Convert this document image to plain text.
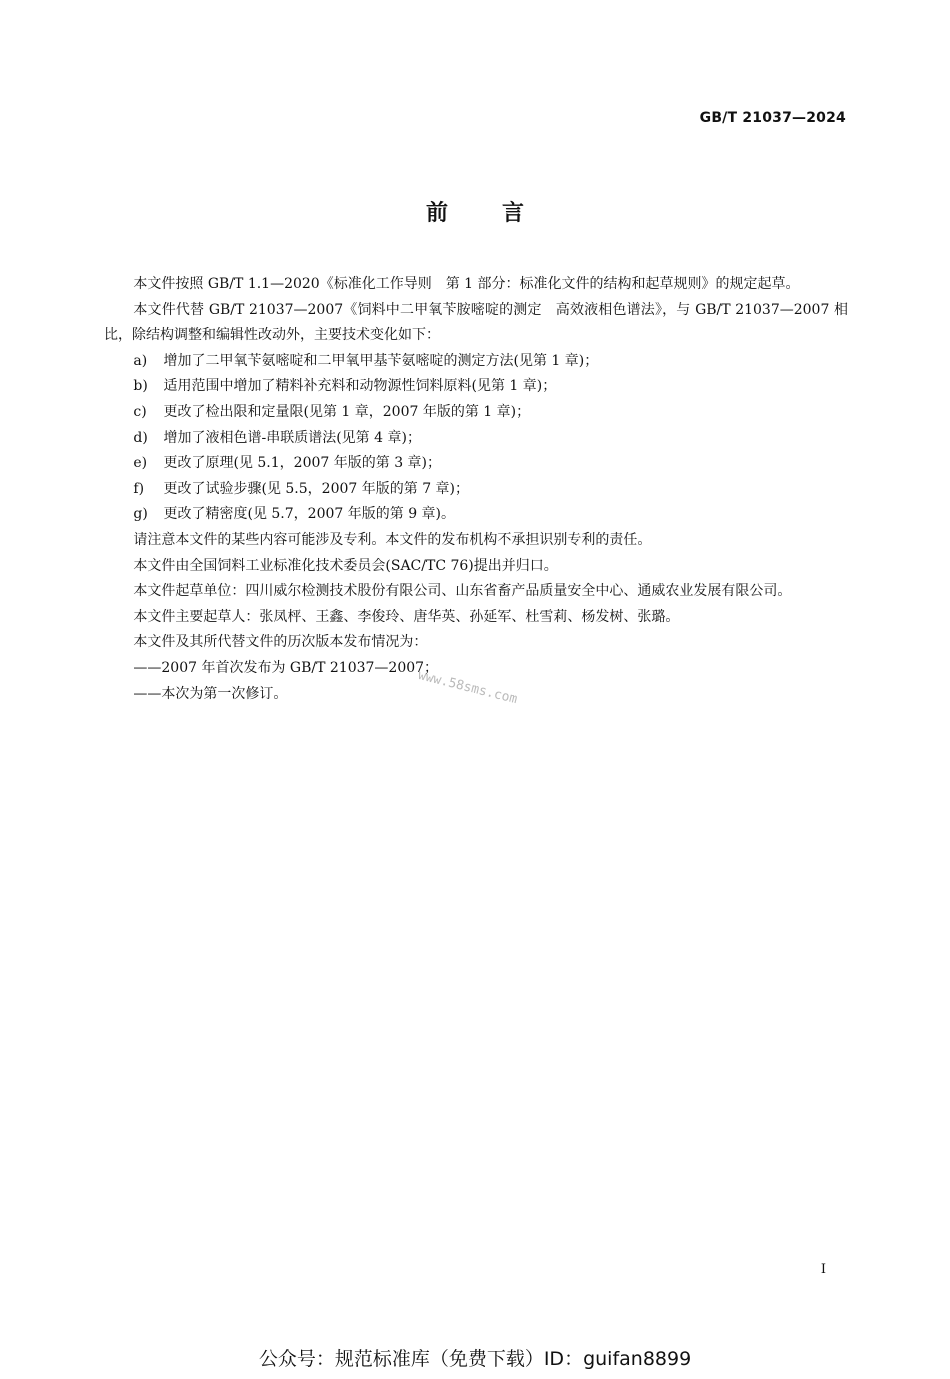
GB/T 21037—2024
前 言

本文件按照 GB/T 1.1—2020《标准化工作导则　第 1 部分：标准化文件的结构和起草规则》的规定起草。

本文件代替 GB/T 21037—2007《饲料中二甲氧苄胺嘧啶的测定　高效液相色谱法》，与 GB/T 21037—2007 相比，除结构调整和编辑性改动外，主要技术变化如下：

a) 增加了二甲氧苄氨嘧啶和二甲氧甲基苄氨嘧啶的测定方法(见第 1 章)；

b) 适用范围中增加了精料补充料和动物源性饲料原料(见第 1 章)；

c) 更改了检出限和定量限(见第 1 章，2007 年版的第 1 章)；

d) 增加了液相色谱-串联质谱法(见第 4 章)；

e) 更改了原理(见 5.1，2007 年版的第 3 章)；

f) 更改了试验步骤(见 5.5，2007 年版的第 7 章)；

g) 更改了精密度(见 5.7，2007 年版的第 9 章)。

请注意本文件的某些内容可能涉及专利。本文件的发布机构不承担识别专利的责任。

本文件由全国饲料工业标准化技术委员会(SAC/TC 76)提出并归口。

本文件起草单位：四川威尔检测技术股份有限公司、山东省畜产品质量安全中心、通威农业发展有限公司。

本文件主要起草人：张凤枰、王鑫、李俊玲、唐华英、孙延军、杜雪莉、杨发树、张璐。

本文件及其所代替文件的历次版本发布情况为：

——2007 年首次发布为 GB/T 21037—2007；

——本次为第一次修订。	www.58sms.com
I
公众号：规范标准库（免费下载）ID：guifan8899
